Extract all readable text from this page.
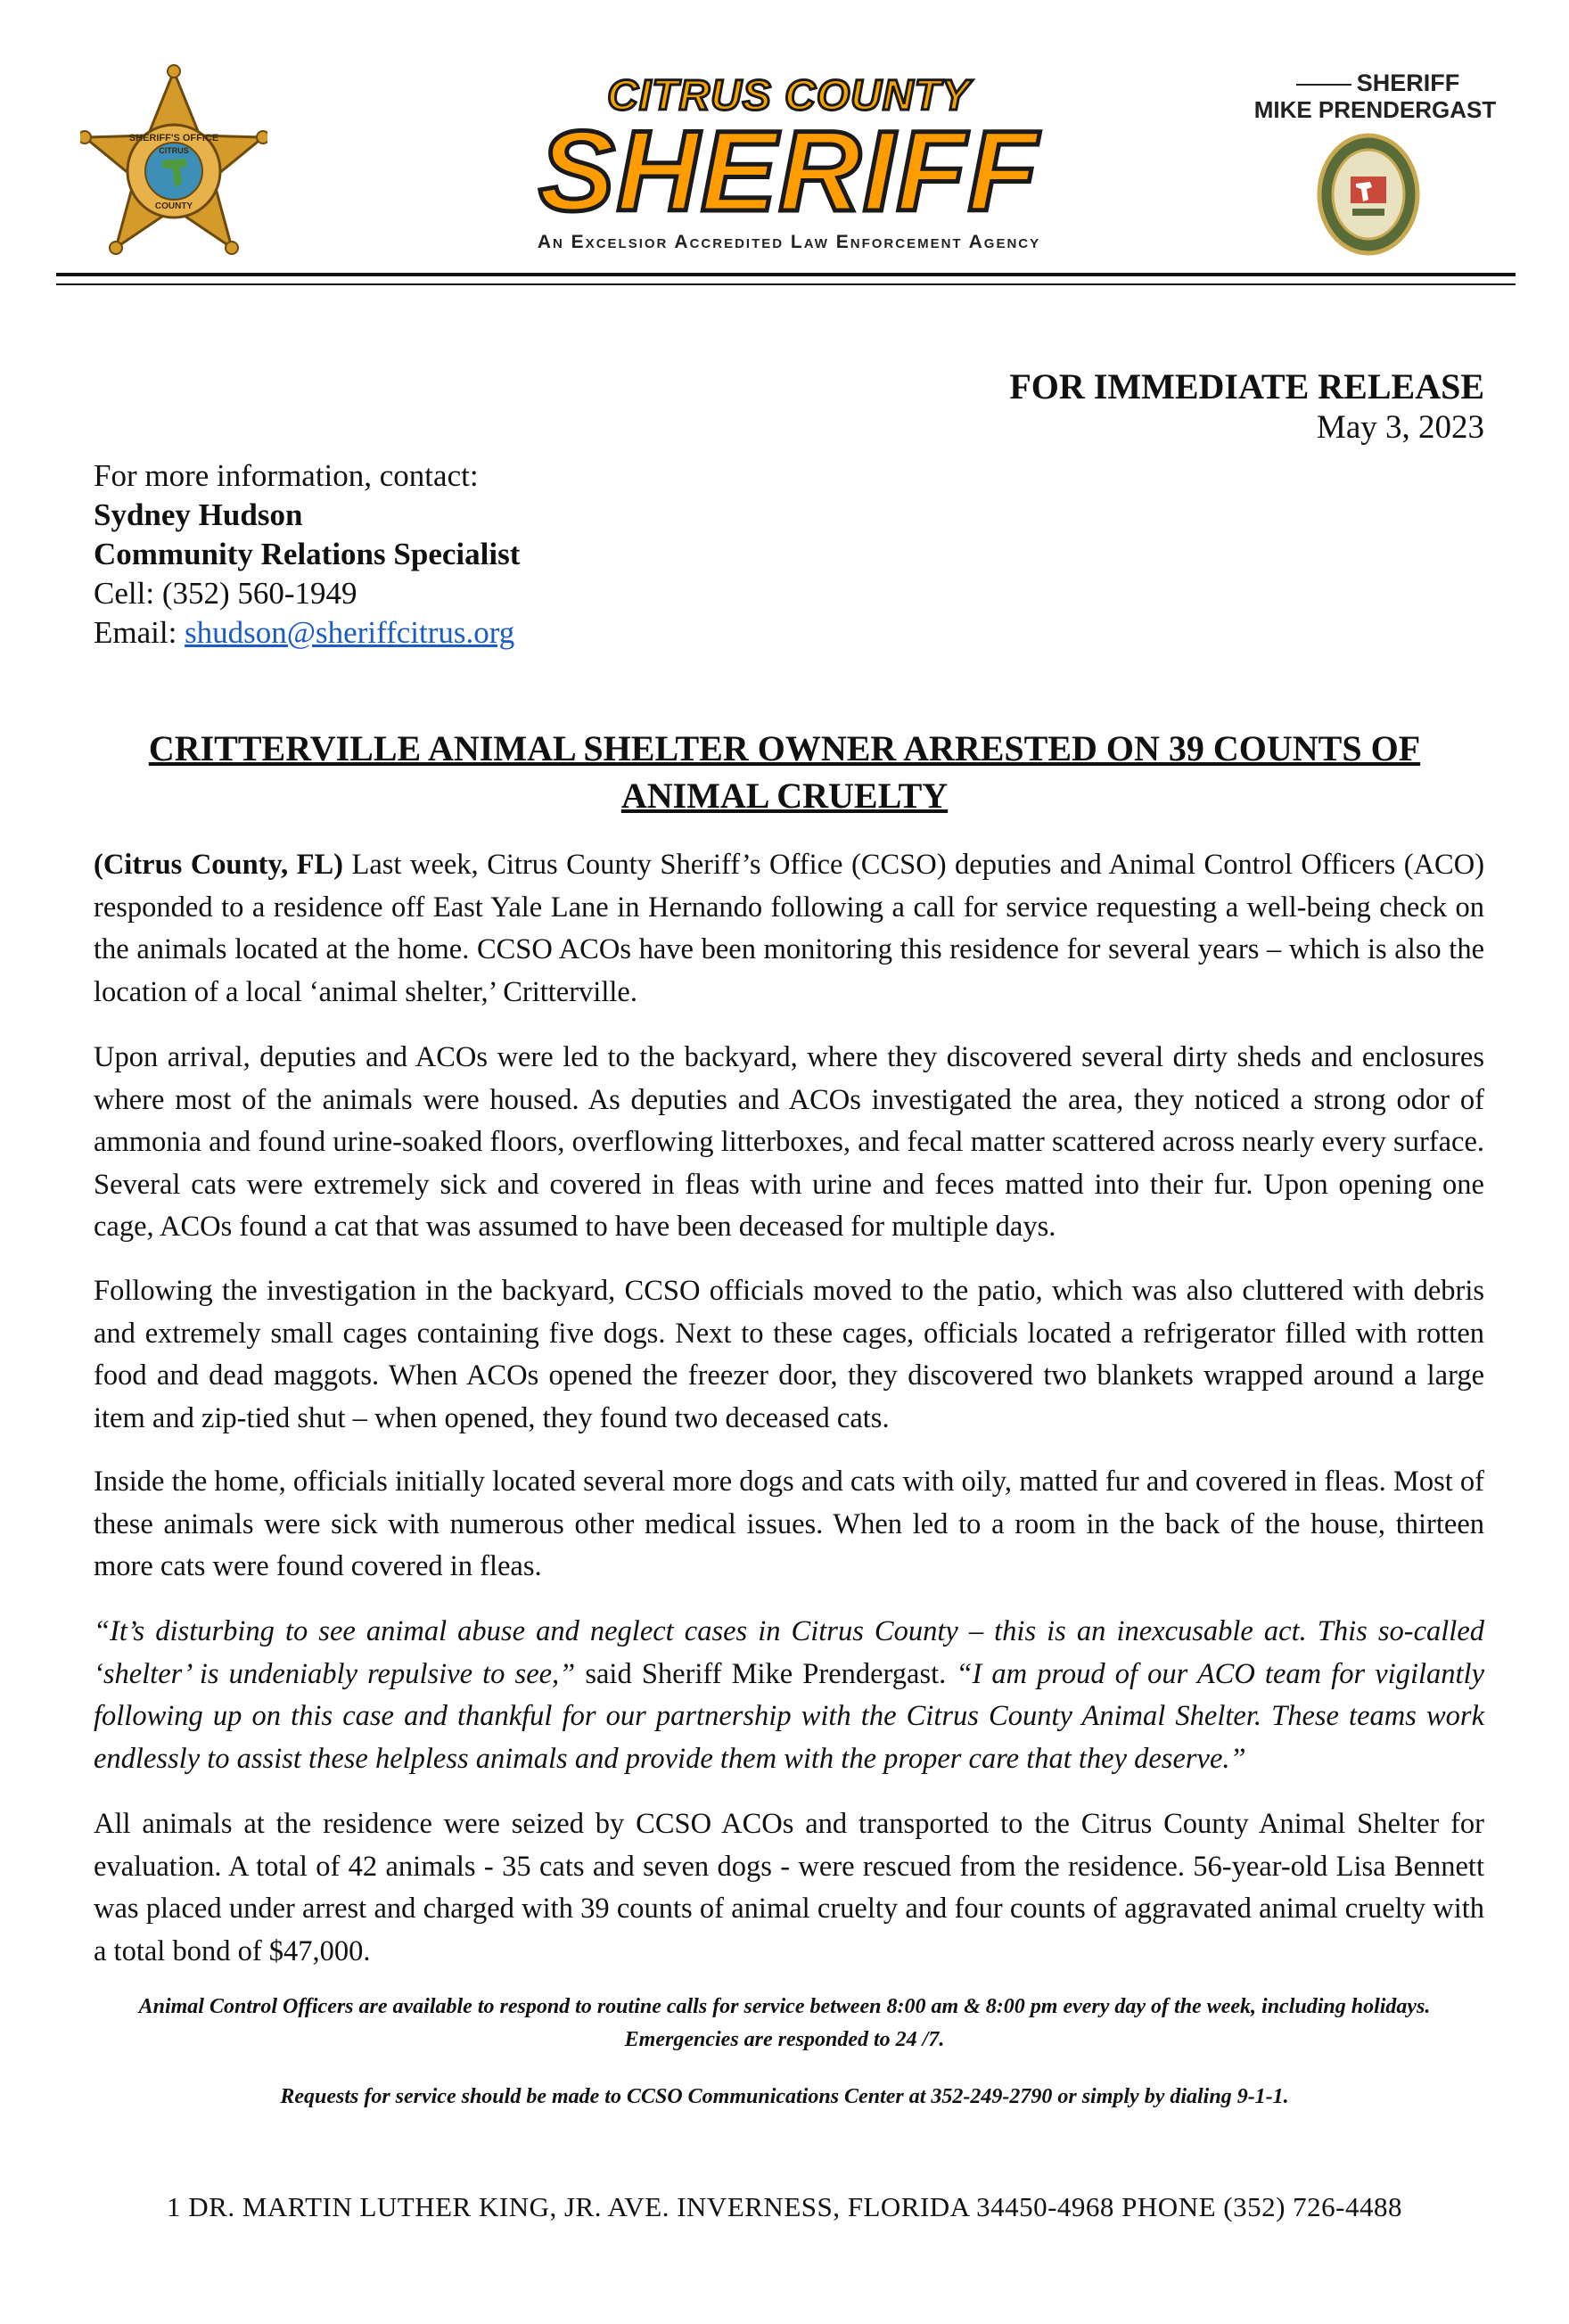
SHERIFF'S OFFICE
CITRUS
COUNTY
CITRUS COUNTY
SHERIFF
An Excelsior Accredited Law Enforcement Agency
SHERIFF
MIKE PRENDERGAST
FOR IMMEDIATE RELEASE
May 3, 2023
For more information, contact:
Sydney Hudson
Community Relations Specialist
Cell: (352) 560-1949
Email: shudson@sheriffcitrus.org
CRITTERVILLE ANIMAL SHELTER OWNER ARRESTED ON 39 COUNTS OF
ANIMAL CRUELTY
(Citrus County, FL) Last week, Citrus County Sheriff’s Office (CCSO) deputies and Animal Control Officers (ACO) responded to a residence off East Yale Lane in Hernando following a call for service requesting a well-being check on the animals located at the home. CCSO ACOs have been monitoring this residence for several years – which is also the location of a local ‘animal shelter,’ Critterville.
Upon arrival, deputies and ACOs were led to the backyard, where they discovered several dirty sheds and enclosures where most of the animals were housed. As deputies and ACOs investigated the area, they noticed a strong odor of ammonia and found urine-soaked floors, overflowing litterboxes, and fecal matter scattered across nearly every surface. Several cats were extremely sick and covered in fleas with urine and feces matted into their fur. Upon opening one cage, ACOs found a cat that was assumed to have been deceased for multiple days.
Following the investigation in the backyard, CCSO officials moved to the patio, which was also cluttered with debris and extremely small cages containing five dogs. Next to these cages, officials located a refrigerator filled with rotten food and dead maggots. When ACOs opened the freezer door, they discovered two blankets wrapped around a large item and zip-tied shut – when opened, they found two deceased cats.
Inside the home, officials initially located several more dogs and cats with oily, matted fur and covered in fleas. Most of these animals were sick with numerous other medical issues. When led to a room in the back of the house, thirteen more cats were found covered in fleas.
“It’s disturbing to see animal abuse and neglect cases in Citrus County – this is an inexcusable act. This so-called ‘shelter’ is undeniably repulsive to see,” said Sheriff Mike Prendergast. “I am proud of our ACO team for vigilantly following up on this case and thankful for our partnership with the Citrus County Animal Shelter. These teams work endlessly to assist these helpless animals and provide them with the proper care that they deserve.”
All animals at the residence were seized by CCSO ACOs and transported to the Citrus County Animal Shelter for evaluation. A total of 42 animals - 35 cats and seven dogs - were rescued from the residence. 56-year-old Lisa Bennett was placed under arrest and charged with 39 counts of animal cruelty and four counts of aggravated animal cruelty with a total bond of $47,000.
Animal Control Officers are available to respond to routine calls for service between 8:00 am & 8:00 pm every day of the week, including holidays. Emergencies are responded to 24 /7.
Requests for service should be made to CCSO Communications Center at 352-249-2790 or simply by dialing 9-1-1.
1 DR. MARTIN LUTHER KING, JR. AVE. INVERNESS, FLORIDA 34450-4968 PHONE (352) 726-4488
